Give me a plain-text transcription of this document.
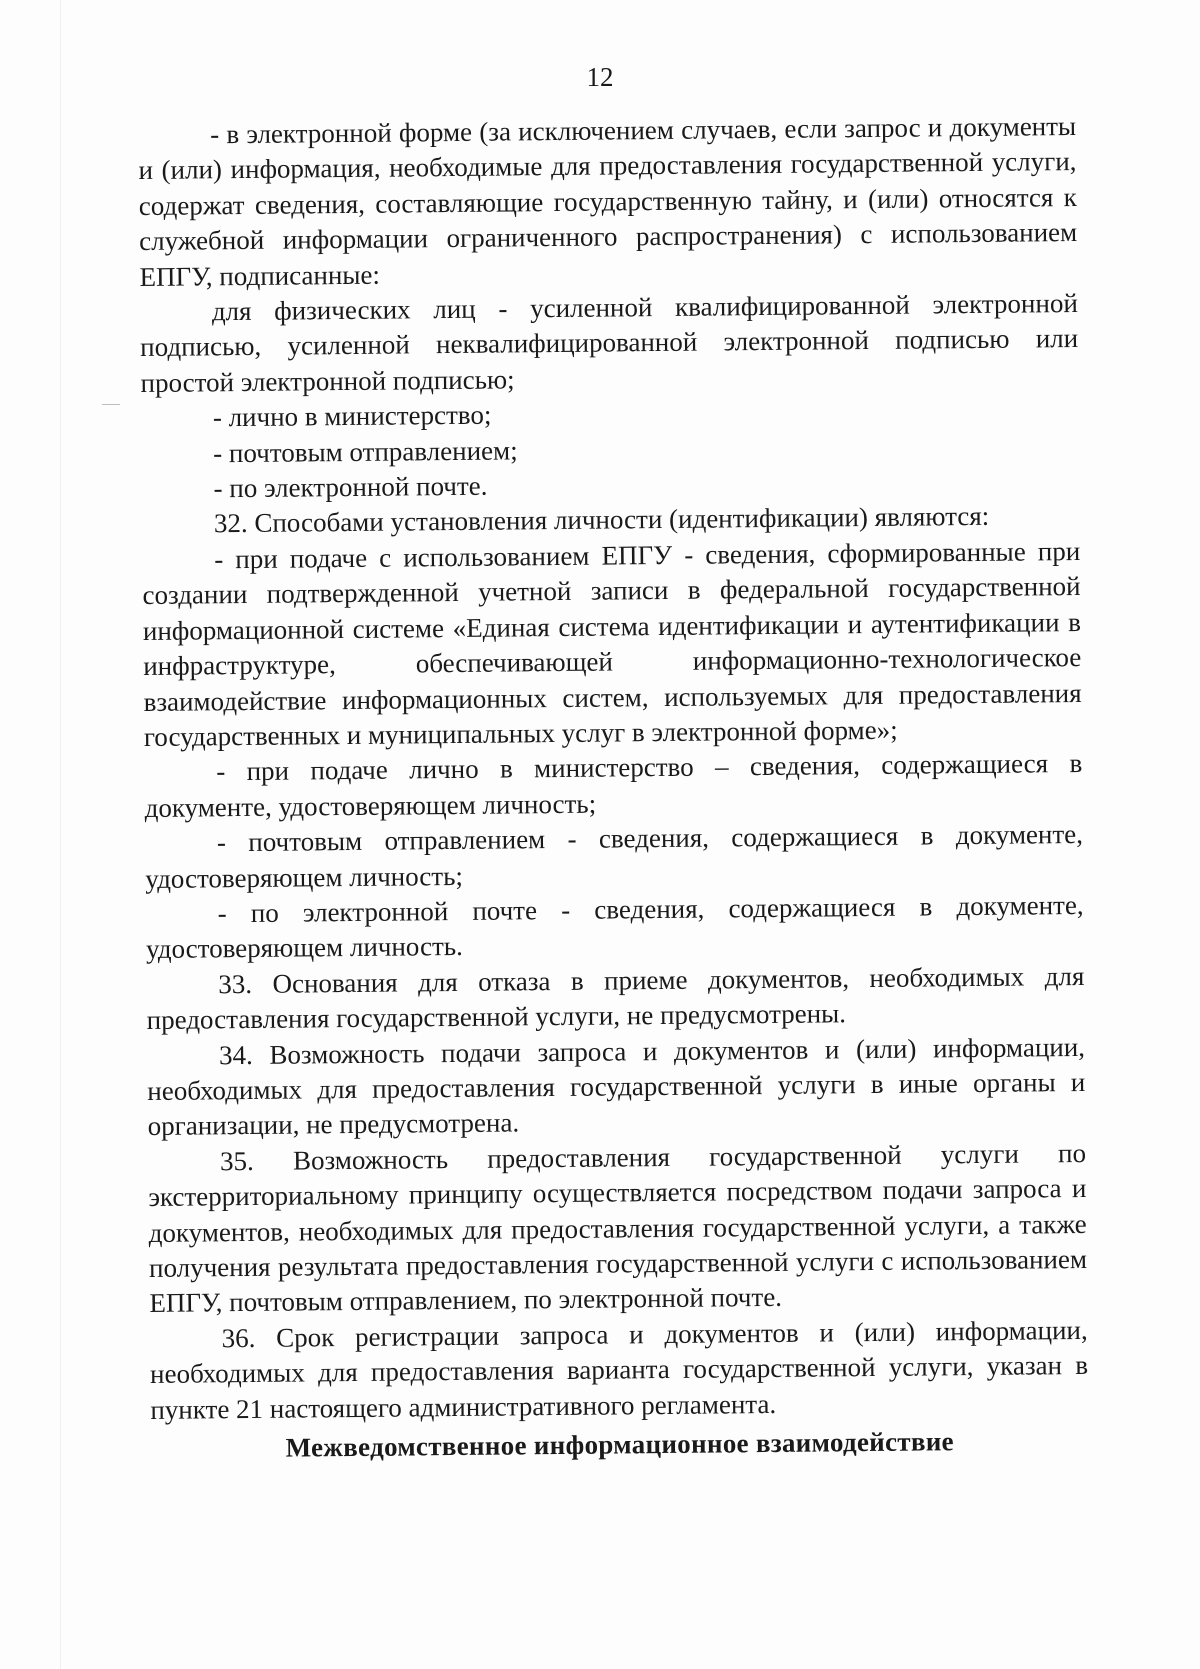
12

- в электронной форме (за исключением случаев, если запрос и документы и (или) информация, необходимые для предоставления государственной услуги, содержат сведения, составляющие государственную тайну, и (или) относятся к служебной информации ограниченного распространения) с использованием ЕПГУ, подписанные:

для физических лиц - усиленной квалифицированной электронной подписью, усиленной неквалифицированной электронной подписью или простой электронной подписью;

- лично в министерство;

- почтовым отправлением;

- по электронной почте.

32. Способами установления личности (идентификации) являются:

- при подаче с использованием ЕПГУ - сведения, сформированные при создании подтвержденной учетной записи в федеральной государственной информационной системе «Единая система идентификации и аутентификации в инфраструктуре, обеспечивающей информационно-технологическое взаимодействие информационных систем, используемых для предоставления государственных и муниципальных услуг в электронной форме»;

- при подаче лично в министерство – сведения, содержащиеся в документе, удостоверяющем личность;

- почтовым отправлением - сведения, содержащиеся в документе, удостоверяющем личность;

- по электронной почте - сведения, содержащиеся в документе, удостоверяющем личность.

33. Основания для отказа в приеме документов, необходимых для предоставления государственной услуги, не предусмотрены.

34. Возможность подачи запроса и документов и (или) информации, необходимых для предоставления государственной услуги в иные органы и организации, не предусмотрена.

35. Возможность предоставления государственной услуги по экстерриториальному принципу осуществляется посредством подачи запроса и документов, необходимых для предоставления государственной услуги, а также получения результата предоставления государственной услуги с использованием ЕПГУ, почтовым отправлением, по электронной почте.

36. Срок регистрации запроса и документов и (или) информации, необходимых для предоставления варианта государственной услуги, указан в пункте 21 настоящего административного регламента.

Межведомственное информационное взаимодействие
